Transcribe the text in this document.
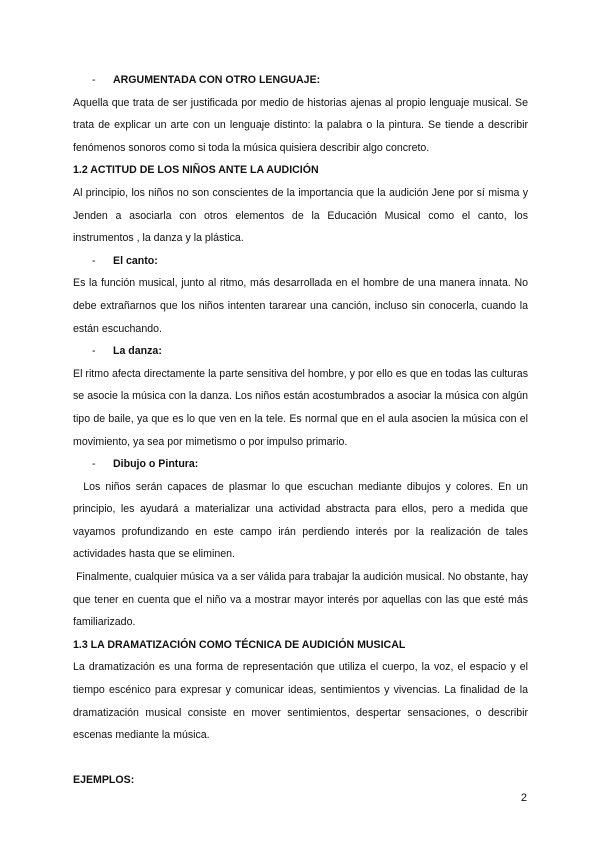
-	ARGUMENTADA CON OTRO LENGUAJE:

Aquella que trata de ser justificada por medio de historias ajenas al propio lenguaje musical. Se trata de explicar un arte con un lenguaje distinto: la palabra o la pintura. Se tiende a describir fenómenos sonoros como si toda la música quisiera describir algo concreto.

1.2 ACTITUD DE LOS NIÑOS ANTE LA AUDICIÓN

Al principio, los niños no son conscientes de la importancia que la audición Jene por sí misma y Jenden a asociarla con otros elementos de la Educación Musical como el canto, los instrumentos , la danza y la plástica.

-	El canto:

Es la función musical, junto al ritmo, más desarrollada en el hombre de una manera innata. No debe extrañarnos que los niños intenten tararear una canción, incluso sin conocerla, cuando la están escuchando.

-	La danza:

El ritmo afecta directamente la parte sensitiva del hombre, y por ello es que en todas las culturas se asocie la música con la danza. Los niños están acostumbrados a asociar la música con algún tipo de baile, ya que es lo que ven en la tele. Es normal que en el aula asocien la música con el movimiento, ya sea por mimetismo o por impulso primario.

-	Dibujo o Pintura:

Los niños serán capaces de plasmar lo que escuchan mediante dibujos y colores. En un principio, les ayudará a materializar una actividad abstracta para ellos, pero a medida que vayamos profundizando en este campo irán perdiendo interés por la realización de tales actividades hasta que se eliminen.

Finalmente, cualquier música va a ser válida para trabajar la audición musical. No obstante, hay que tener en cuenta que el niño va a mostrar mayor interés por aquellas con las que esté más familiarizado.

1.3 LA DRAMATIZACIÓN COMO TÉCNICA DE AUDICIÓN MUSICAL

La dramatización es una forma de representación que utiliza el cuerpo, la voz, el espacio y el tiempo escénico para expresar y comunicar ideas, sentimientos y vivencias. La finalidad de la dramatización musical consiste en mover sentimientos, despertar sensaciones, o describir escenas mediante la música.

EJEMPLOS:

2
